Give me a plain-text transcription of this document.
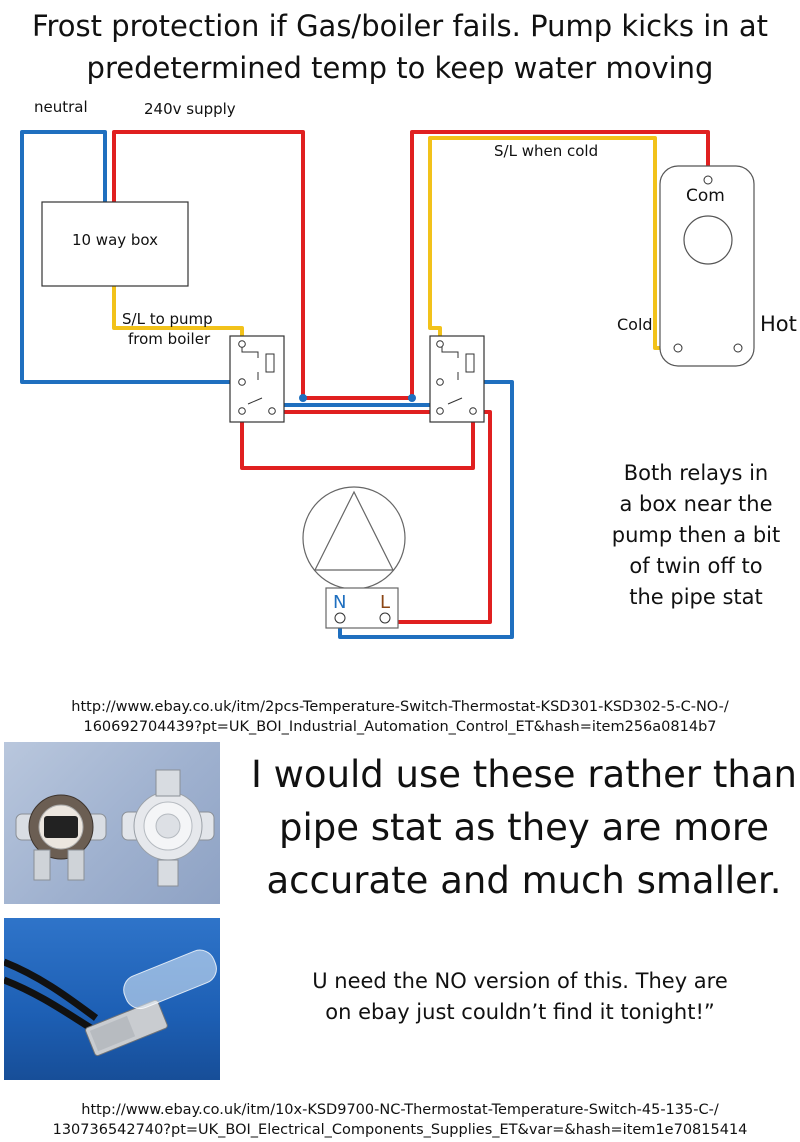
Frost protection if Gas/boiler fails. Pump kicks in at
predetermined temp to keep water moving
neutral	240v supply
10 way box
S/L to pump
from boiler
S/L when cold
Com
Cold	Hot
N L
Both relays in
a box near the
pump then a bit
of twin off to
the pipe stat
http://www.ebay.co.uk/itm/2pcs-Temperature-Switch-Thermostat-KSD301-KSD302-5-C-NO-/
160692704439?pt=UK_BOI_Industrial_Automation_Control_ET&hash=item256a0814b7
I would use these rather than
pipe stat as they are more
accurate and much smaller.
U need the NO version of this. They are
on ebay just couldn’t find it tonight!”
http://www.ebay.co.uk/itm/10x-KSD9700-NC-Thermostat-Temperature-Switch-45-135-C-/
130736542740?pt=UK_BOI_Electrical_Components_Supplies_ET&var=&hash=item1e70815414
